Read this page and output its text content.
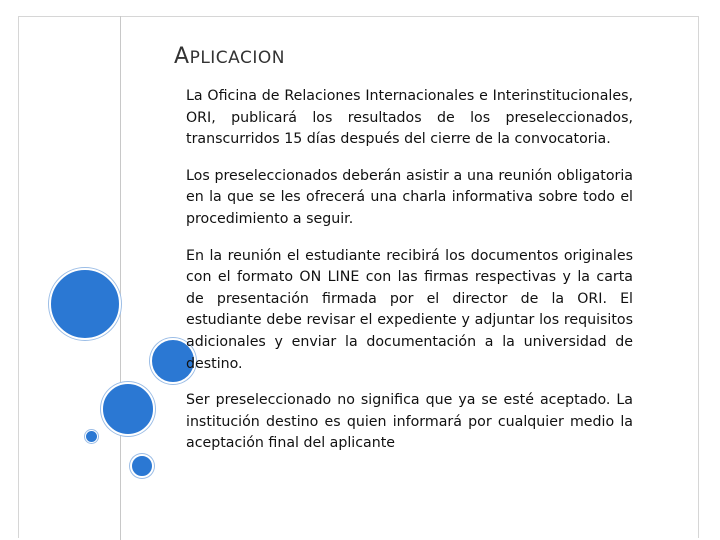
APLICACION

La Oficina de Relaciones Internacionales e Interinstitucionales, ORI, publicará los resultados de los preseleccionados, transcurridos 15 días después del cierre de la convocatoria.

Los preseleccionados deberán asistir a una reunión obligatoria en la que se les ofrecerá una charla informativa sobre todo el procedimiento a seguir.

En la reunión el estudiante recibirá los documentos originales con el formato ON LINE con las firmas respectivas y la carta de presentación firmada por el director de la ORI. El estudiante debe revisar el expediente y adjuntar los requisitos adicionales y enviar la documentación a la universidad de destino.

Ser preseleccionado no significa que ya se esté aceptado. La institución destino es quien informará por cualquier medio la aceptación final del aplicante
